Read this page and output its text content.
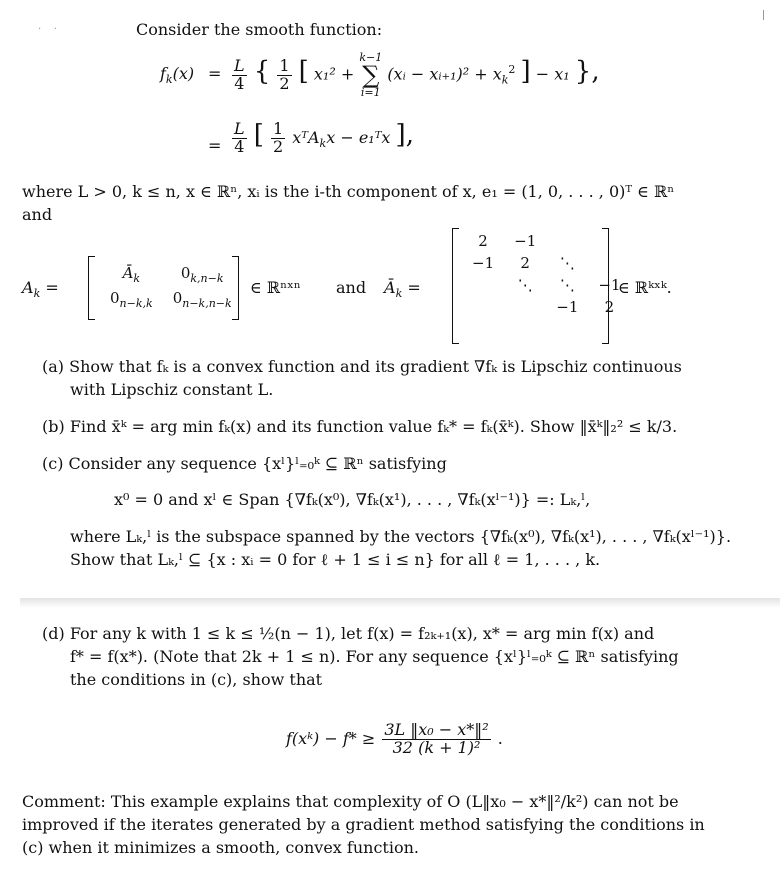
·    ·	Consider the smooth function:
$f_k(x) = \frac{L}{4}$ { $\frac{1}{2}$ [ x₁² +
k−1
∑
i=1
(xᵢ − xᵢ₊₁)² + $x_k^2$ ] − x₁ },
= $\frac{L}{4}$ [ $\frac{1}{2}$ xᵀA$_k$x − e₁ᵀx ],
where L > 0, k ≤ n, x ∈ ℝⁿ, xᵢ is the i-th component of x, e₁ = (1, 0, . . . , 0)ᵀ ∈ ℝⁿ
and
$A_k$ =
$Ā_k$	$0_{k,n-k}$
$0_{n-k,k}$	$0_{n-k,n-k}$
∈ ℝⁿˣⁿ and $Ā_k$ =
2	−1		
−1	2	⋱	
	⋱	⋱	−1
		−1	2
∈ ℝᵏˣᵏ.
(a) Show that fₖ is a convex function and its gradient ∇fₖ is Lipschiz continuous
with Lipschiz constant L.
(b) Find x̄ᵏ = arg min fₖ(x) and its function value fₖ* = fₖ(x̄ᵏ). Show ‖x̄ᵏ‖₂² ≤ k/3.
(c) Consider any sequence {xˡ}ˡ₌₀ᵏ ⊆ ℝⁿ satisfying
x⁰ = 0 and xˡ ∈ Span {∇fₖ(x⁰), ∇fₖ(x¹), . . . , ∇fₖ(xˡ⁻¹)} =: Lₖ,ˡ,
where Lₖ,ˡ is the subspace spanned by the vectors {∇fₖ(x⁰), ∇fₖ(x¹), . . . , ∇fₖ(xˡ⁻¹)}.
Show that Lₖ,ˡ ⊆ {x : xᵢ = 0 for ℓ + 1 ≤ i ≤ n} for all ℓ = 1, . . . , k.
(d) For any k with 1 ≤ k ≤ ½(n − 1), let f(x) = f₂ₖ₊₁(x), x* = arg min f(x) and
f* = f(x*). (Note that 2k + 1 ≤ n). For any sequence {xˡ}ˡ₌₀ᵏ ⊆ ℝⁿ satisfying
the conditions in (c), show that
f(xᵏ) − $f* \ge \frac{\text{3L ‖x₀ − x*‖²}}{\text{32 (k + 1)²}}$ .
Comment: This example explains that complexity of O (L‖x₀ − x*‖²/k²) can not be
improved if the iterates generated by a gradient method satisfying the conditions in
(c) when it minimizes a smooth, convex function.
